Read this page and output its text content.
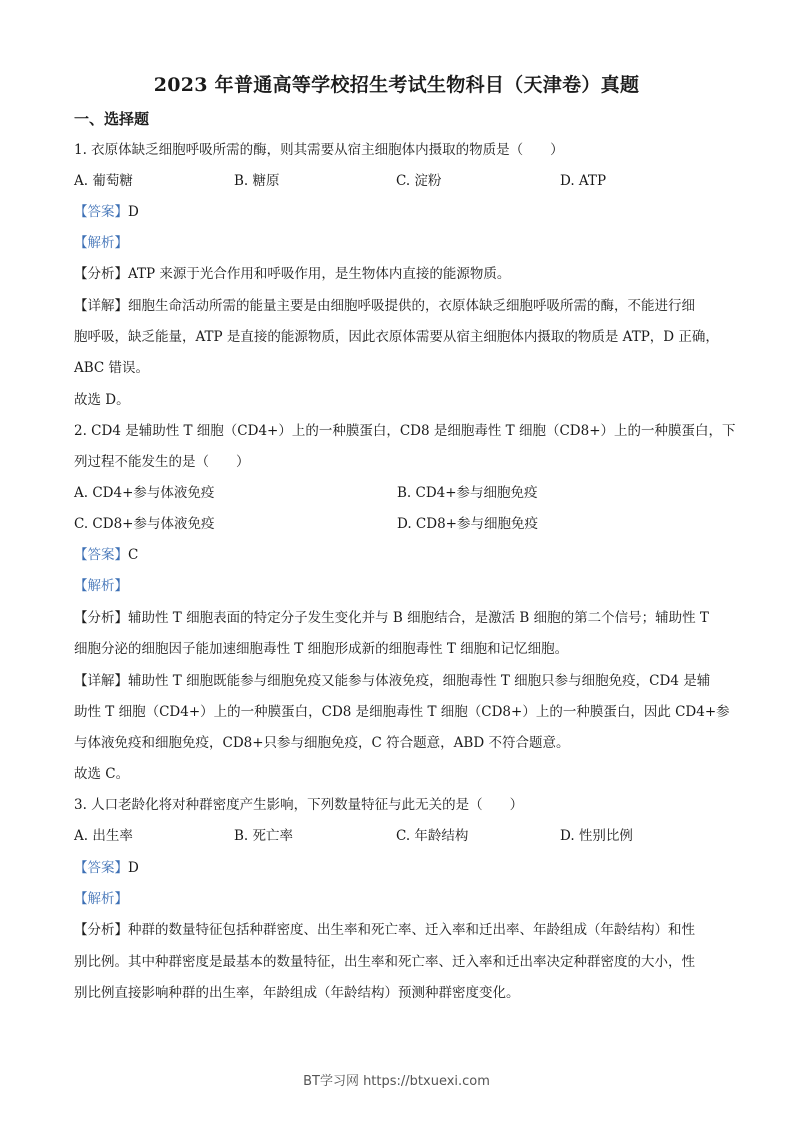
2023 年普通高等学校招生考试生物科目（天津卷）真题
一、选择题
1. 衣原体缺乏细胞呼吸所需的酶，则其需要从宿主细胞体内摄取的物质是（　　）
A. 葡萄糖	B. 糖原	C. 淀粉	D. ATP
【答案】D
【解析】
【分析】ATP 来源于光合作用和呼吸作用，是生物体内直接的能源物质。
【详解】细胞生命活动所需的能量主要是由细胞呼吸提供的，衣原体缺乏细胞呼吸所需的酶，不能进行细
胞呼吸，缺乏能量，ATP 是直接的能源物质，因此衣原体需要从宿主细胞体内摄取的物质是 ATP，D 正确，
ABC 错误。
故选 D。
2. CD4 是辅助性 T 细胞（CD4+）上的一种膜蛋白，CD8 是细胞毒性 T 细胞（CD8+）上的一种膜蛋白，下
列过程不能发生的是（　　）
A. CD4+参与体液免疫	B. CD4+参与细胞免疫
C. CD8+参与体液免疫	D. CD8+参与细胞免疫
【答案】C
【解析】
【分析】辅助性 T 细胞表面的特定分子发生变化并与 B 细胞结合，是激活 B 细胞的第二个信号；辅助性 T
细胞分泌的细胞因子能加速细胞毒性 T 细胞形成新的细胞毒性 T 细胞和记忆细胞。
【详解】辅助性 T 细胞既能参与细胞免疫又能参与体液免疫，细胞毒性 T 细胞只参与细胞免疫，CD4 是辅
助性 T 细胞（CD4+）上的一种膜蛋白，CD8 是细胞毒性 T 细胞（CD8+）上的一种膜蛋白，因此 CD4+参
与体液免疫和细胞免疫，CD8+只参与细胞免疫，C 符合题意，ABD 不符合题意。
故选 C。
3. 人口老龄化将对种群密度产生影响，下列数量特征与此无关的是（　　）
A. 出生率	B. 死亡率	C. 年龄结构	D. 性别比例
【答案】D
【解析】
【分析】种群的数量特征包括种群密度、出生率和死亡率、迁入率和迁出率、年龄组成（年龄结构）和性
别比例。其中种群密度是最基本的数量特征，出生率和死亡率、迁入率和迁出率决定种群密度的大小，性
别比例直接影响种群的出生率，年龄组成（年龄结构）预测种群密度变化。
BT学习网 https://btxuexi.com
